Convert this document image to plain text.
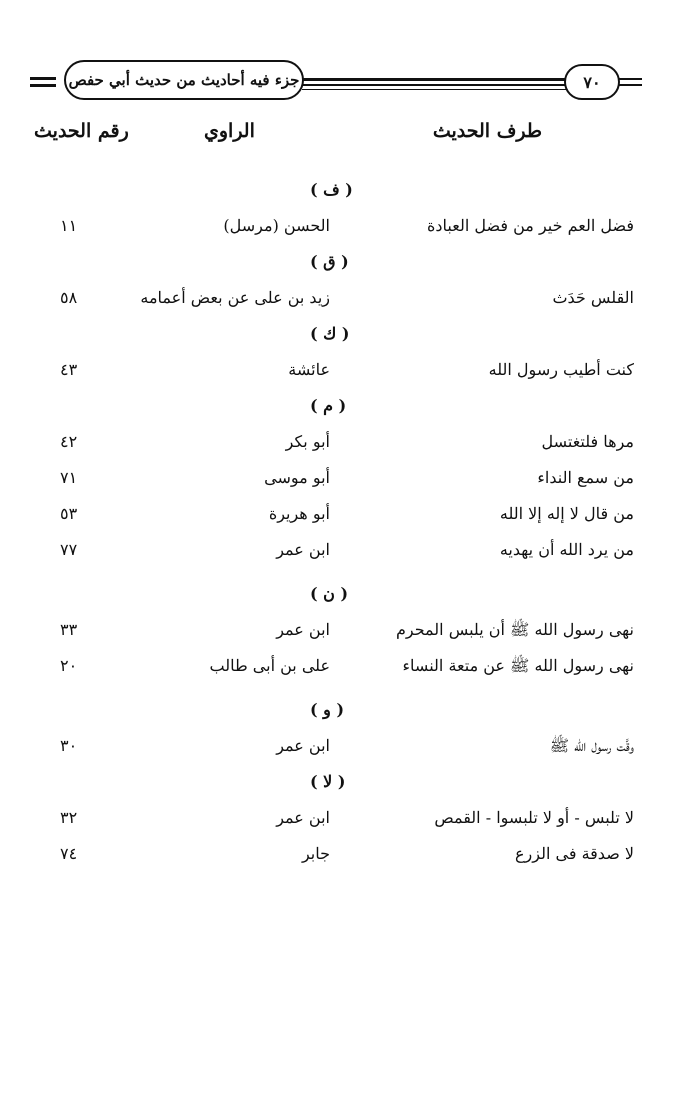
جزء فيه أحاديث من حديث أبي حفص	٧٠
طرف الحديث
الراوي
رقم الحديث
( ف )
فضل العم خير من فضل العبادة
الحسن (مرسل)
١١
( ق )
القلس حَدَث
زيد بن على عن بعض أعمامه
٥٨
( ك )
كنت أطيب رسول الله
عائشة
٤٣
( م )
مرها فلتغتسل
أبو بكر
٤٢
من سمع النداء
أبو موسى
٧١
من قال لا إله إلا الله
أبو هريرة
٥٣
من يرد الله أن يهديه
ابن عمر
٧٧
( ن )
نهى رسول الله ﷺ أن يلبس المحرم
ابن عمر
٣٣
نهى رسول الله ﷺ عن متعة النساء
على بن أبى طالب
٢٠
( و )
وقَّت رسول الله ﷺ
ابن عمر
٣٠
( لا )
لا تلبس - أو لا تلبسوا - القمص
ابن عمر
٣٢
لا صدقة فى الزرع
جابر
٧٤
